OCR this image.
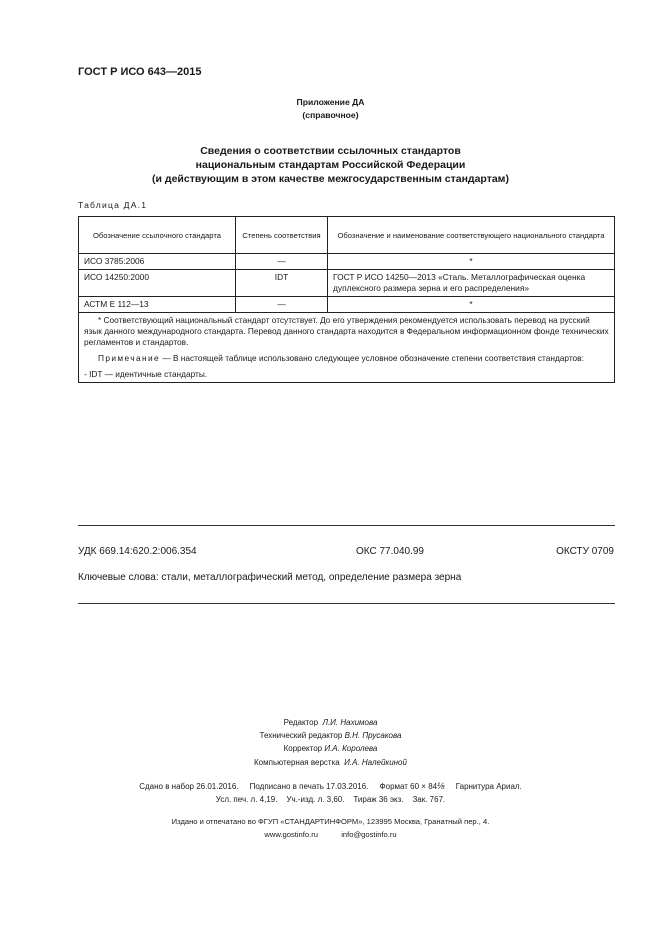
ГОСТ Р ИСО 643—2015
Приложение ДА
(справочное)
Сведения о соответствии ссылочных стандартов
национальным стандартам Российской Федерации
(и действующим в этом качестве межгосударственным стандартам)
Таблица ДА.1
Обозначение ссылочного стандарта	Степень соответствия	Обозначение и наименование соответствующего национального стандарта
ИСО 3785:2006	—	*
ИСО 14250:2000	IDT	ГОСТ Р ИСО 14250—2013 «Сталь. Металлографическая оценка дуплексного размера зерна и его распределения»
АСТМ Е 112—13	—	*

* Соответствующий национальный стандарт отсутствует. До его утверждения рекомендуется использовать перевод на русский язык данного международного стандарта. Перевод данного стандарта находится в Федеральном информационном фонде технических регламентов и стандартов.

Примечание — В настоящей таблице использовано следующее условное обозначение степени соответствия стандартов:

- IDT — идентичные стандарты.		

УДК 669.14:620.2:006.354	ОКС 77.040.99	ОКСТУ 0709
Ключевые слова: стали, металлографический метод, определение размера зерна
Редактор Л.И. Нахимова
Технический редактор В.Н. Прусакова
Корректор И.А. Королева
Компьютерная верстка И.А. Налейкиной
Сдано в набор 26.01.2016. Подписано в печать 17.03.2016. Формат 60 × 84⅛ Гарнитура Ариал.
Усл. печ. л. 4,19. Уч.-изд. л. 3,60. Тираж 36 экз. Зак. 767.
Издано и отпечатано во ФГУП «СТАНДАРТИНФОРМ», 123995 Москва, Гранатный пер., 4.
www.gostinfo.ru	info@gostinfo.ru
